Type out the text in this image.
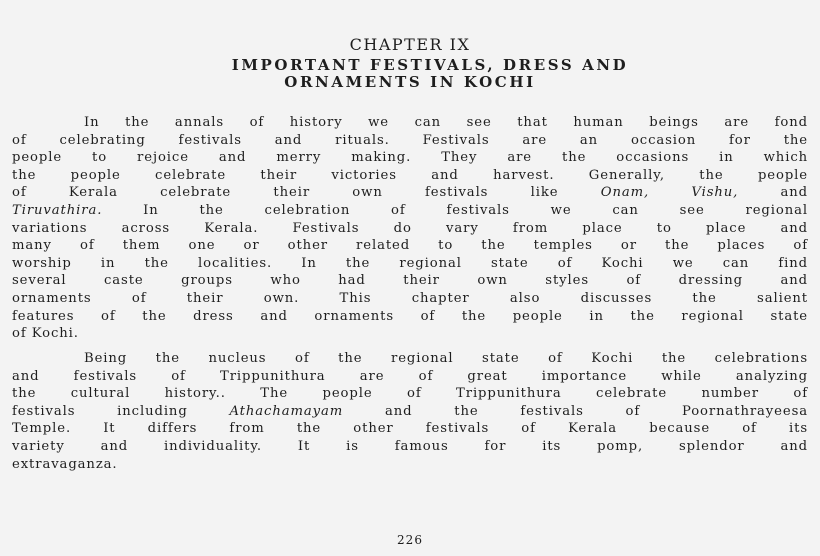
CHAPTER IX
IMPORTANT FESTIVALS, DRESS AND
ORNAMENTS IN KOCHI
In the annals of history we can see that human beings are fond
of celebrating festivals and rituals. Festivals are an occasion for the
people to rejoice and merry making. They are the occasions in which
the people celebrate their victories and harvest. Generally, the people
of Kerala celebrate their own festivals like	Onam, Vishu,	and
Tiruvathira.	In the celebration of festivals we can see regional
variations across Kerala. Festivals do vary from place to place and
many of them one or other related to the temples or the places of
worship in the localities. In the regional state of Kochi we can find
several caste groups who had their own styles of dressing and
ornaments of their own. This chapter also discusses the salient
features of the dress and ornaments of the people in the regional state
of Kochi.
Being the nucleus of the regional state of Kochi the celebrations
and festivals of Trippunithura are of great importance while analyzing
the cultural history.. The people of Trippunithura celebrate number of
festivals including	Athachamayam	and the festivals of Poornathrayeesa
Temple. It differs from the other festivals of Kerala because of its
variety and individuality. It is famous for its pomp, splendor and
extravaganza.
226
